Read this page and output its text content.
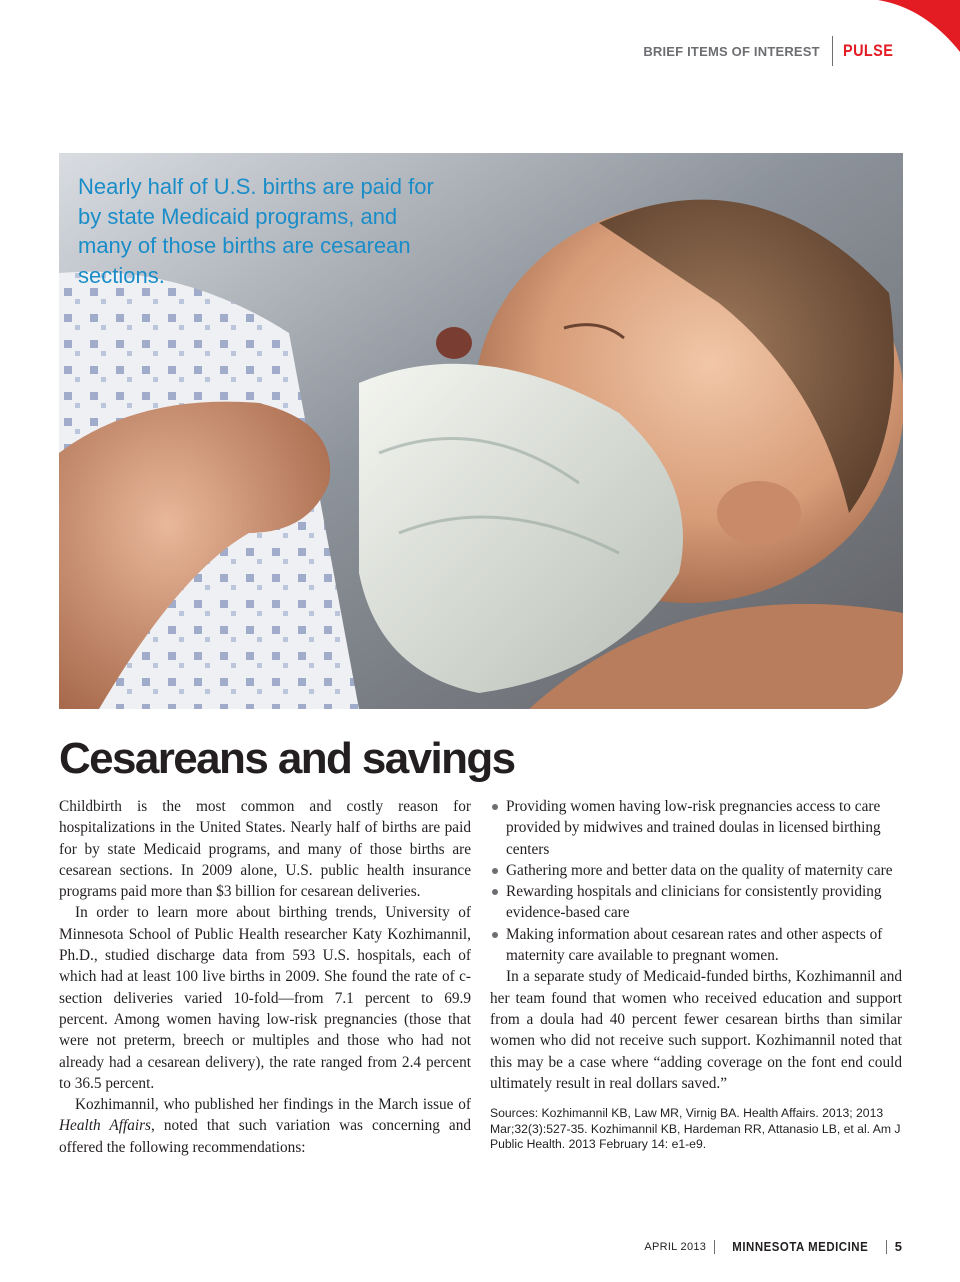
BRIEF ITEMS OF INTEREST PULSE
Nearly half of U.S. births are paid for by state Medicaid programs, and many of those births are cesarean sections.
Cesareans and savings

Childbirth is the most common and costly reason for hospitalizations in the United States. Nearly half of births are paid for by state Medicaid programs, and many of those births are cesarean sections. In 2009 alone, U.S. public health insurance programs paid more than $3 billion for cesarean deliveries.

In order to learn more about birthing trends, University of Minnesota School of Public Health researcher Katy Kozhimannil, Ph.D., studied discharge data from 593 U.S. hospitals, each of which had at least 100 live births in 2009. She found the rate of c-section deliveries varied 10-fold—from 7.1 percent to 69.9 percent. Among women having low-risk pregnancies (those that were not preterm, breech or multiples and those who had not already had a cesarean delivery), the rate ranged from 2.4 percent to 36.5 percent.

Kozhimannil, who published her findings in the March issue of Health Affairs, noted that such variation was concerning and offered the following recommendations:

Providing women having low-risk pregnancies access to care provided by midwives and trained doulas in licensed birthing centers
Gathering more and better data on the quality of maternity care
Rewarding hospitals and clinicians for consistently providing evidence-based care
Making information about cesarean rates and other aspects of maternity care available to pregnant women.

In a separate study of Medicaid-funded births, Kozhimannil and her team found that women who received education and support from a doula had 40 percent fewer cesarean births than similar women who did not receive such support. Kozhimannil noted that this may be a case where “adding coverage on the font end could ultimately result in real dollars saved.”

Sources: Kozhimannil KB, Law MR, Virnig BA. Health Affairs. 2013; 2013 Mar;32(3):527-35. Kozhimannil KB, Hardeman RR, Attanasio LB, et al. Am J Public Health. 2013 February 14: e1-e9.

APRIL 2013 MINNESOTA MEDICINE 5
